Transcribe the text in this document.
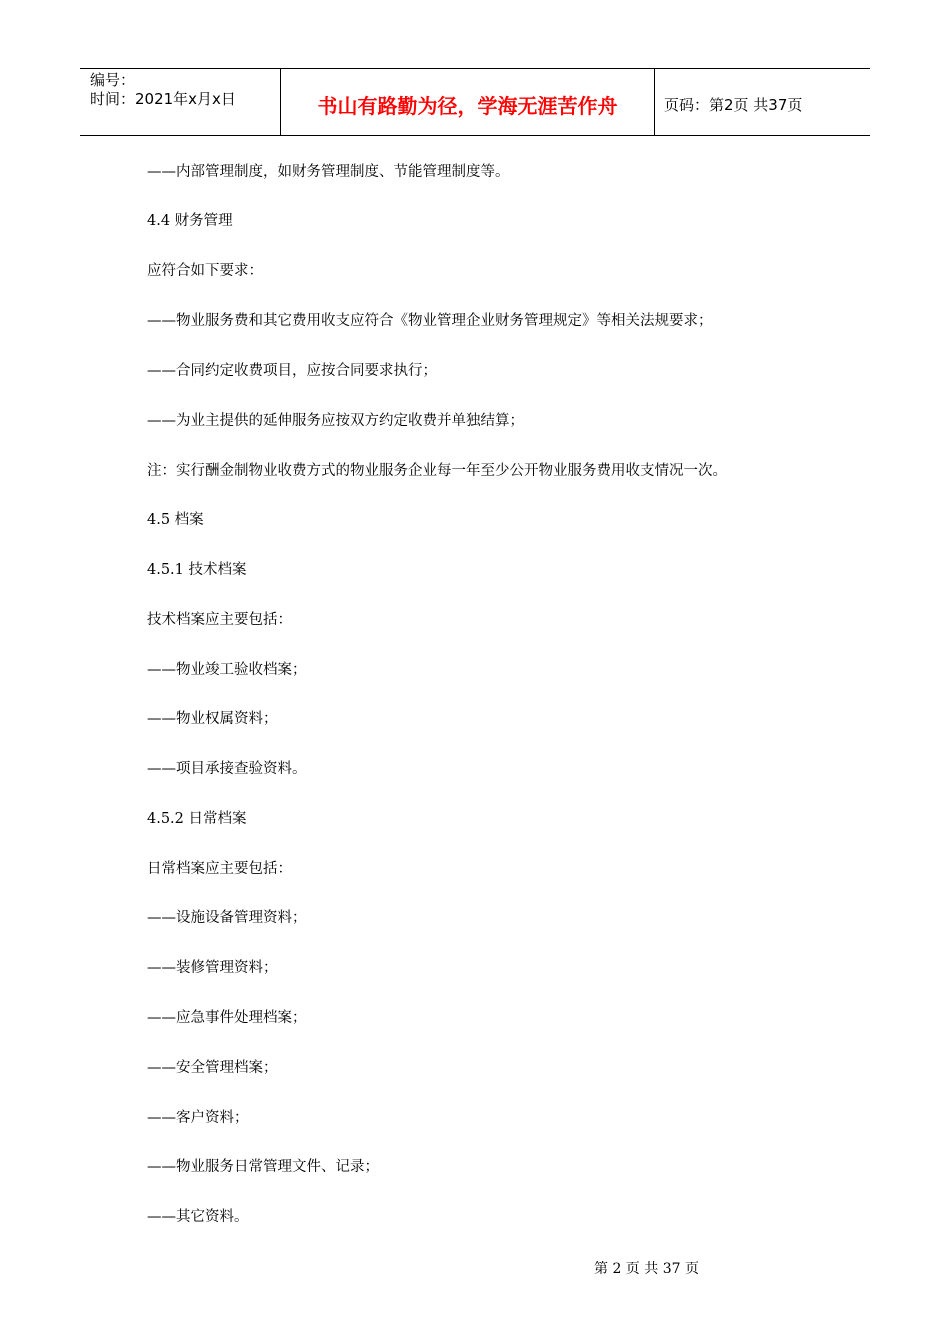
编号：
时间：2021年x月x日	书山有路勤为径，学海无涯苦作舟	页码：第2页 共37页
——内部管理制度，如财务管理制度、节能管理制度等。
4.4 财务管理
应符合如下要求：
——物业服务费和其它费用收支应符合《物业管理企业财务管理规定》等相关法规要求；
——合同约定收费项目，应按合同要求执行；
——为业主提供的延伸服务应按双方约定收费并单独结算；
注：实行酬金制物业收费方式的物业服务企业每一年至少公开物业服务费用收支情况一次。
4.5 档案
4.5.1 技术档案
技术档案应主要包括：
——物业竣工验收档案；
——物业权属资料；
——项目承接查验资料。
4.5.2 日常档案
日常档案应主要包括：
——设施设备管理资料；
——装修管理资料；
——应急事件处理档案；
——安全管理档案；
——客户资料；
——物业服务日常管理文件、记录；
——其它资料。
第 2 页 共 37 页
